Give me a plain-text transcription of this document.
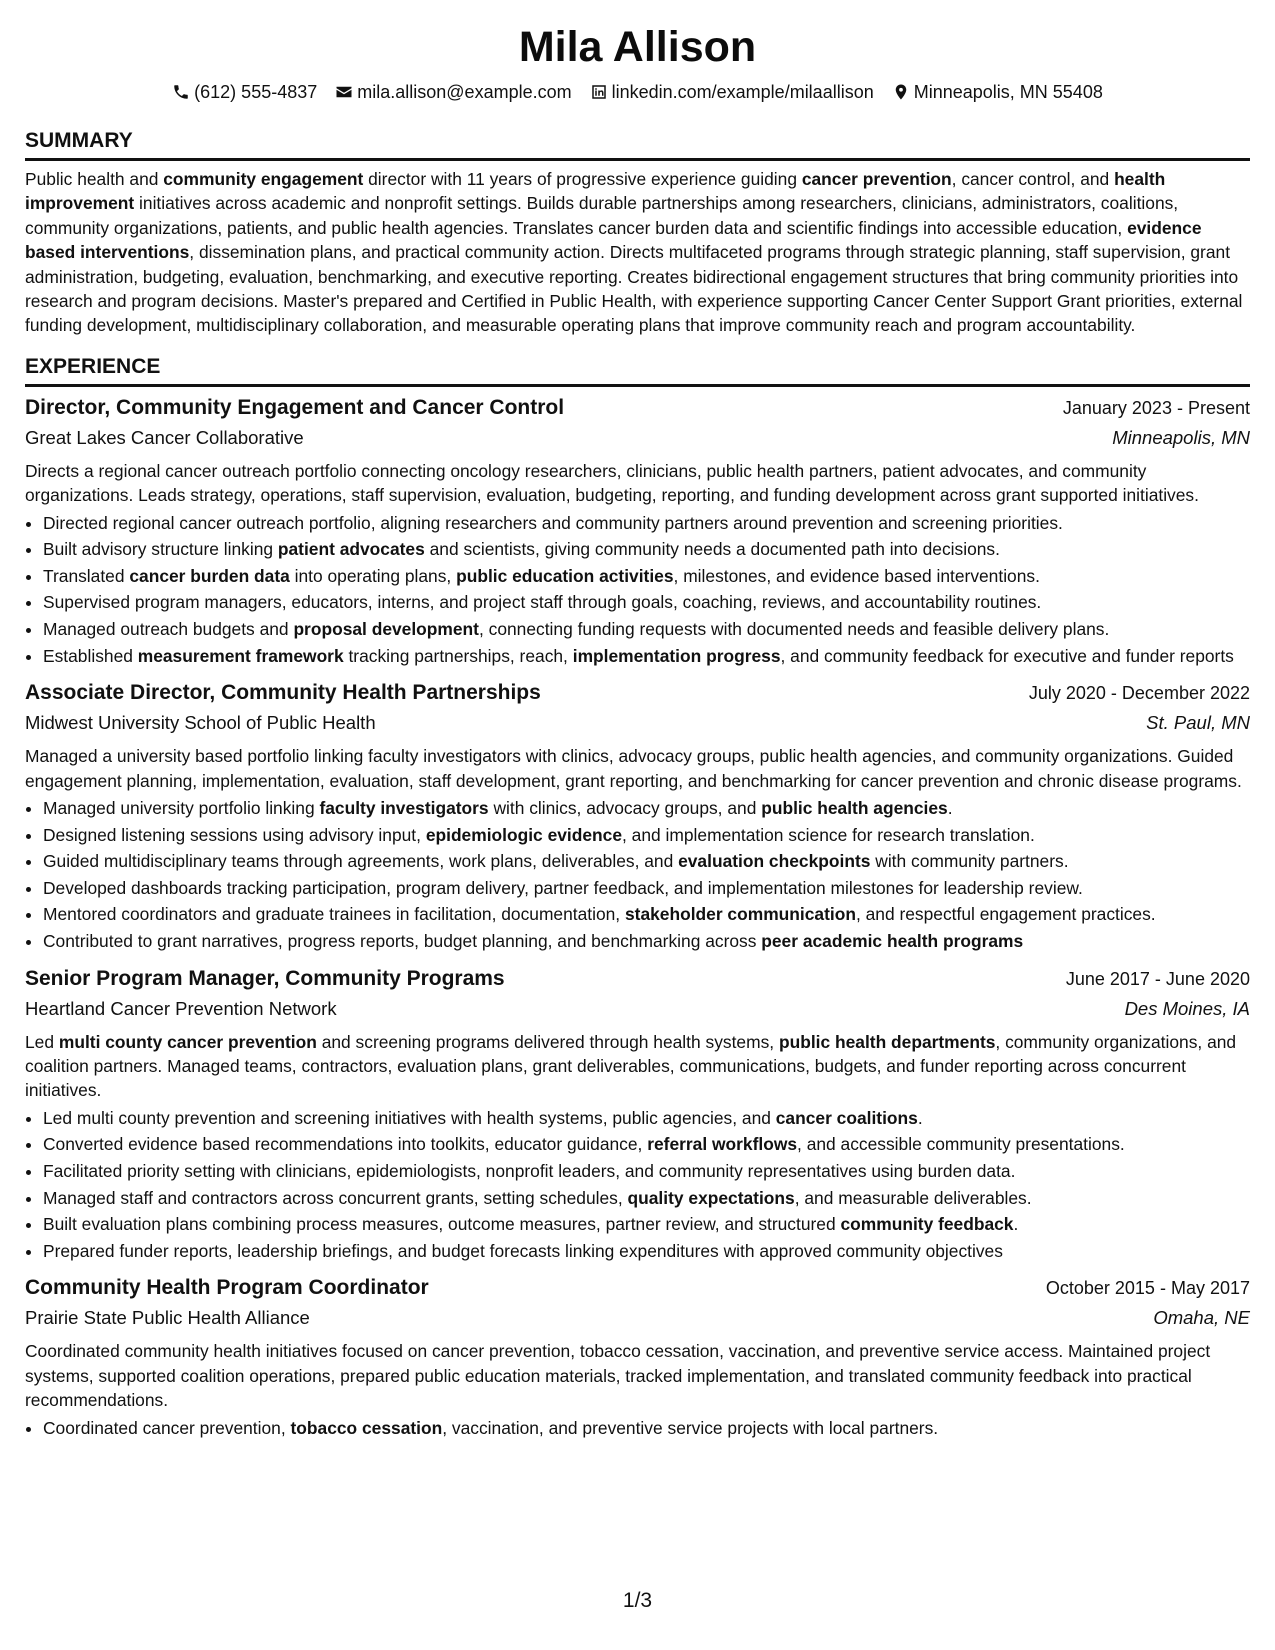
Mila Allison
(612) 555-4837 mila.allison@example.com linkedin.com/example/milaallison Minneapolis, MN 55408
SUMMARY

Public health and community engagement director with 11 years of progressive experience guiding cancer prevention, cancer control, and health improvement initiatives across academic and nonprofit settings. Builds durable partnerships among researchers, clinicians, administrators, coalitions, community organizations, patients, and public health agencies. Translates cancer burden data and scientific findings into accessible education, evidence based interventions, dissemination plans, and practical community action. Directs multifaceted programs through strategic planning, staff supervision, grant administration, budgeting, evaluation, benchmarking, and executive reporting. Creates bidirectional engagement structures that bring community priorities into research and program decisions. Master's prepared and Certified in Public Health, with experience supporting Cancer Center Support Grant priorities, external funding development, multidisciplinary collaboration, and measurable operating plans that improve community reach and program accountability.

EXPERIENCE
Director, Community Engagement and Cancer Control	January 2023 - Present
Great Lakes Cancer Collaborative	Minneapolis, MN

Directs a regional cancer outreach portfolio connecting oncology researchers, clinicians, public health partners, patient advocates, and community organizations. Leads strategy, operations, staff supervision, evaluation, budgeting, reporting, and funding development across grant supported initiatives.

• Directed regional cancer outreach portfolio, aligning researchers and community partners around prevention and screening priorities.
• Built advisory structure linking patient advocates and scientists, giving community needs a documented path into decisions.
• Translated cancer burden data into operating plans, public education activities, milestones, and evidence based interventions.
• Supervised program managers, educators, interns, and project staff through goals, coaching, reviews, and accountability routines.
• Managed outreach budgets and proposal development, connecting funding requests with documented needs and feasible delivery plans.
• Established measurement framework tracking partnerships, reach, implementation progress, and community feedback for executive and funder reports
Associate Director, Community Health Partnerships	July 2020 - December 2022
Midwest University School of Public Health	St. Paul, MN

Managed a university based portfolio linking faculty investigators with clinics, advocacy groups, public health agencies, and community organizations. Guided engagement planning, implementation, evaluation, staff development, grant reporting, and benchmarking for cancer prevention and chronic disease programs.

• Managed university portfolio linking faculty investigators with clinics, advocacy groups, and public health agencies.
• Designed listening sessions using advisory input, epidemiologic evidence, and implementation science for research translation.
• Guided multidisciplinary teams through agreements, work plans, deliverables, and evaluation checkpoints with community partners.
• Developed dashboards tracking participation, program delivery, partner feedback, and implementation milestones for leadership review.
• Mentored coordinators and graduate trainees in facilitation, documentation, stakeholder communication, and respectful engagement practices.
• Contributed to grant narratives, progress reports, budget planning, and benchmarking across peer academic health programs
Senior Program Manager, Community Programs	June 2017 - June 2020
Heartland Cancer Prevention Network	Des Moines, IA

Led multi county cancer prevention and screening programs delivered through health systems, public health departments, community organizations, and coalition partners. Managed teams, contractors, evaluation plans, grant deliverables, communications, budgets, and funder reporting across concurrent initiatives.

• Led multi county prevention and screening initiatives with health systems, public agencies, and cancer coalitions.
• Converted evidence based recommendations into toolkits, educator guidance, referral workflows, and accessible community presentations.
• Facilitated priority setting with clinicians, epidemiologists, nonprofit leaders, and community representatives using burden data.
• Managed staff and contractors across concurrent grants, setting schedules, quality expectations, and measurable deliverables.
• Built evaluation plans combining process measures, outcome measures, partner review, and structured community feedback.
• Prepared funder reports, leadership briefings, and budget forecasts linking expenditures with approved community objectives
Community Health Program Coordinator	October 2015 - May 2017
Prairie State Public Health Alliance	Omaha, NE

Coordinated community health initiatives focused on cancer prevention, tobacco cessation, vaccination, and preventive service access. Maintained project systems, supported coalition operations, prepared public education materials, tracked implementation, and translated community feedback into practical recommendations.

• Coordinated cancer prevention, tobacco cessation, vaccination, and preventive service projects with local partners.
1/3
